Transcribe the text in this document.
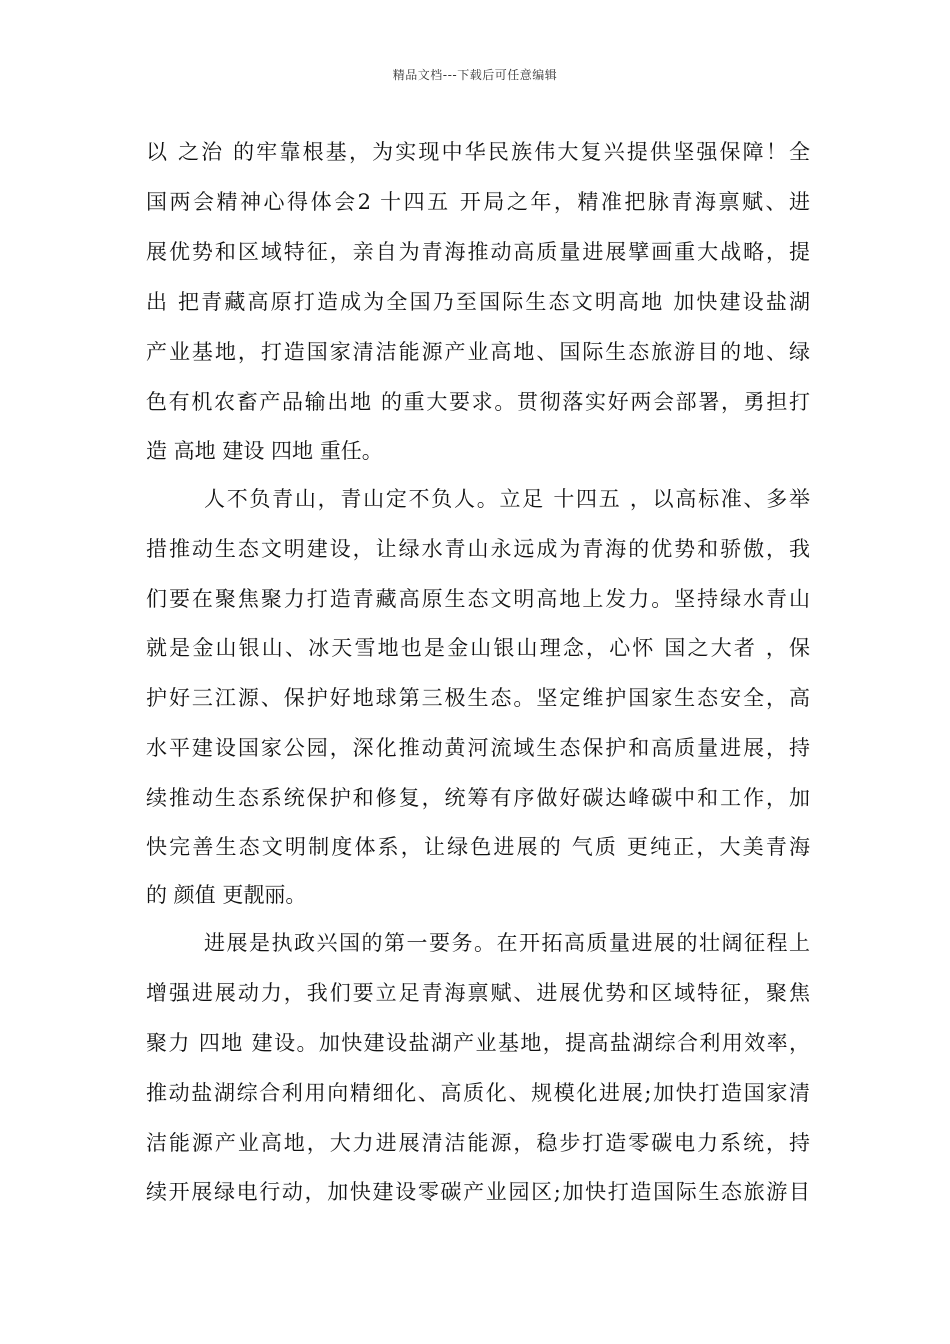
精品文档---下载后可任意编辑
以 之治 的牢靠根基，为实现中华民族伟大复兴提供坚强保障！全
国两会精神心得体会2 十四五 开局之年，精准把脉青海禀赋、进
展优势和区域特征，亲自为青海推动高质量进展擘画重大战略，提
出 把青藏高原打造成为全国乃至国际生态文明高地 加快建设盐湖
产业基地，打造国家清洁能源产业高地、国际生态旅游目的地、绿
色有机农畜产品输出地 的重大要求。贯彻落实好两会部署，勇担打
造 高地 建设 四地 重任。
人不负青山，青山定不负人。立足 十四五 ，以高标准、多举
措推动生态文明建设，让绿水青山永远成为青海的优势和骄傲，我
们要在聚焦聚力打造青藏高原生态文明高地上发力。坚持绿水青山
就是金山银山、冰天雪地也是金山银山理念，心怀 国之大者 ，保
护好三江源、保护好地球第三极生态。坚定维护国家生态安全，高
水平建设国家公园，深化推动黄河流域生态保护和高质量进展，持
续推动生态系统保护和修复，统筹有序做好碳达峰碳中和工作，加
快完善生态文明制度体系，让绿色进展的 气质 更纯正，大美青海
的 颜值 更靓丽。
进展是执政兴国的第一要务。在开拓高质量进展的壮阔征程上
增强进展动力，我们要立足青海禀赋、进展优势和区域特征，聚焦
聚力 四地 建设。加快建设盐湖产业基地，提高盐湖综合利用效率，
推动盐湖综合利用向精细化、高质化、规模化进展;加快打造国家清
洁能源产业高地，大力进展清洁能源，稳步打造零碳电力系统，持
续开展绿电行动，加快建设零碳产业园区;加快打造国际生态旅游目
